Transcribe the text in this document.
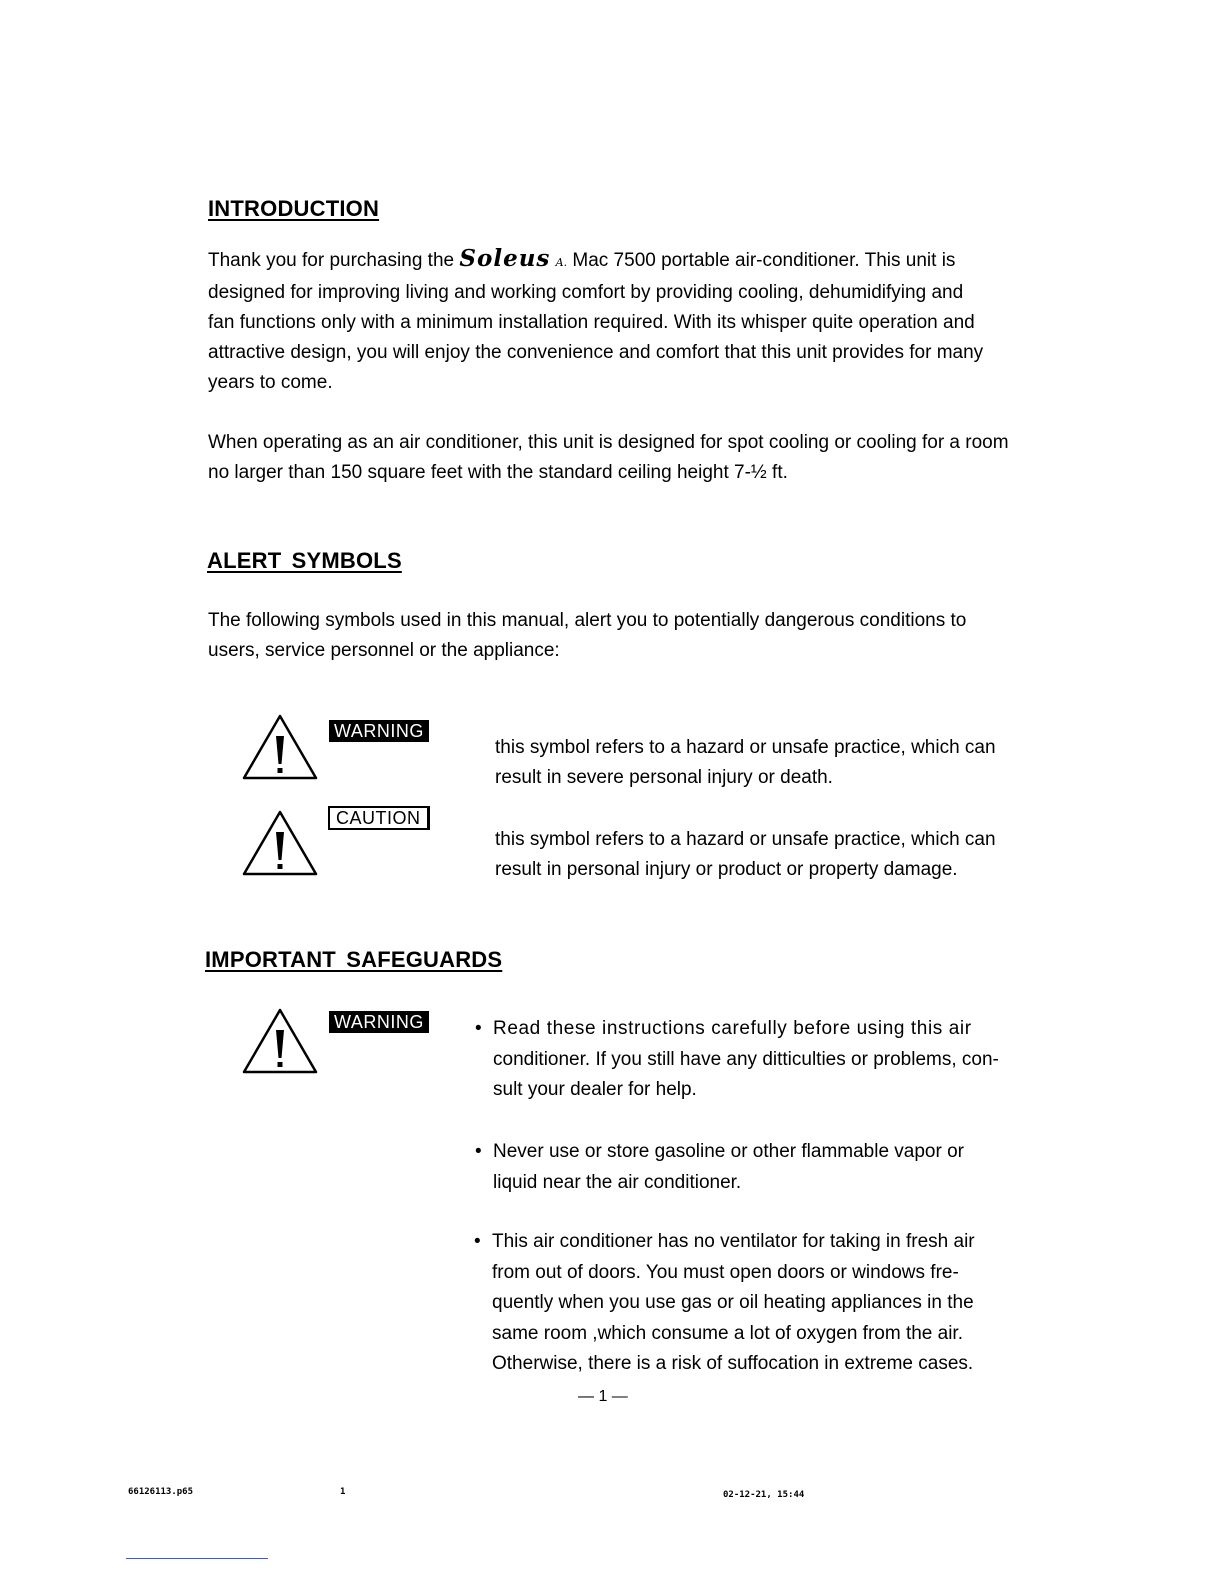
INTRODUCTION
Thank you for purchasing the Soleus A. Mac 7500 portable air-conditioner. This unit is
designed for improving living and working comfort by providing cooling, dehumidifying and
fan functions only with a minimum installation required. With its whisper quite operation and
attractive design, you will enjoy the convenience and comfort that this unit provides for many
years to come.
When operating as an air conditioner, this unit is designed for spot cooling or cooling for a room
no larger than 150 square feet with the standard ceiling height 7-½ ft.
ALERT SYMBOLS
The following symbols used in this manual, alert you to potentially dangerous conditions to
users, service personnel or the appliance:
WARNING
this symbol refers to a hazard or unsafe practice, which can
result in severe personal injury or death.
CAUTION
this symbol refers to a hazard or unsafe practice, which can
result in personal injury or product or property damage.
IMPORTANT SAFEGUARDS
WARNING	• Read these instructions carefully before using this air
conditioner. If you still have any ditticulties or problems, con-
sult your dealer for help.
• Never use or store gasoline or other flammable vapor or
liquid near the air conditioner.
• This air conditioner has no ventilator for taking in fresh air
from out of doors. You must open doors or windows fre-
quently when you use gas or oil heating appliances in the
same room ,which consume a lot of oxygen from the air.
Otherwise, there is a risk of suffocation in extreme cases.
— 1 —
66126113.p65	1	02-12-21, 15:44
